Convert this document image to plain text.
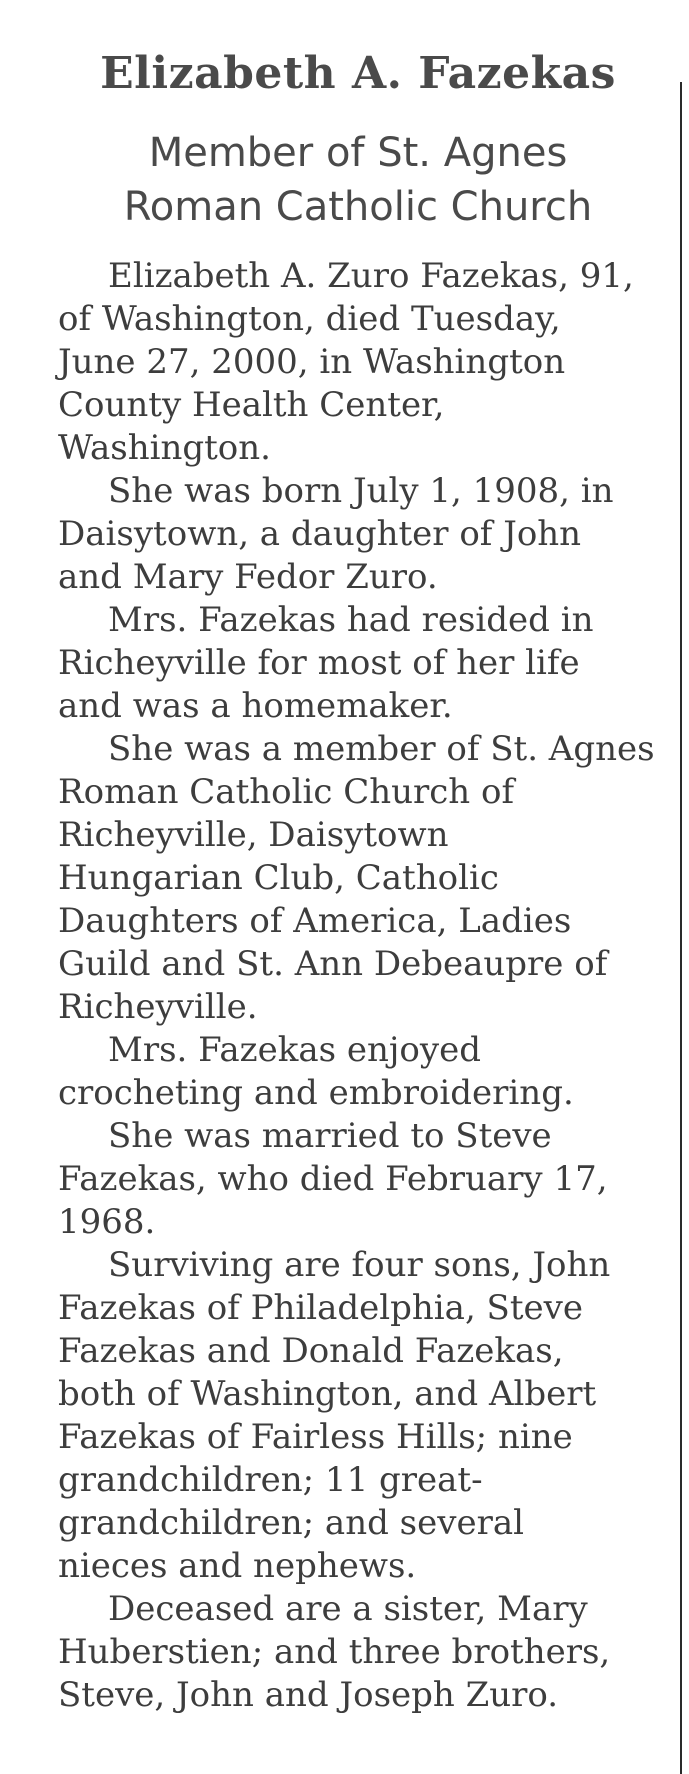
Elizabeth A. Fazekas
Member of St. Agnes
Roman Catholic Church

Elizabeth A. Zuro Fazekas, 91,
of Washington, died Tuesday,
June 27, 2000, in Washington
County Health Center,
Washington.

She was born July 1, 1908, in
Daisytown, a daughter of John
and Mary Fedor Zuro.

Mrs. Fazekas had resided in
Richeyville for most of her life
and was a homemaker.

She was a member of St. Agnes
Roman Catholic Church of
Richeyville, Daisytown
Hungarian Club, Catholic
Daughters of America, Ladies
Guild and St. Ann Debeaupre of
Richeyville.

Mrs. Fazekas enjoyed
crocheting and embroidering.

She was married to Steve
Fazekas, who died February 17,
1968.

Surviving are four sons, John
Fazekas of Philadelphia, Steve
Fazekas and Donald Fazekas,
both of Washington, and Albert
Fazekas of Fairless Hills; nine
grandchildren; 11 great-
grandchildren; and several
nieces and nephews.

Deceased are a sister, Mary
Huberstien; and three brothers,
Steve, John and Joseph Zuro.
